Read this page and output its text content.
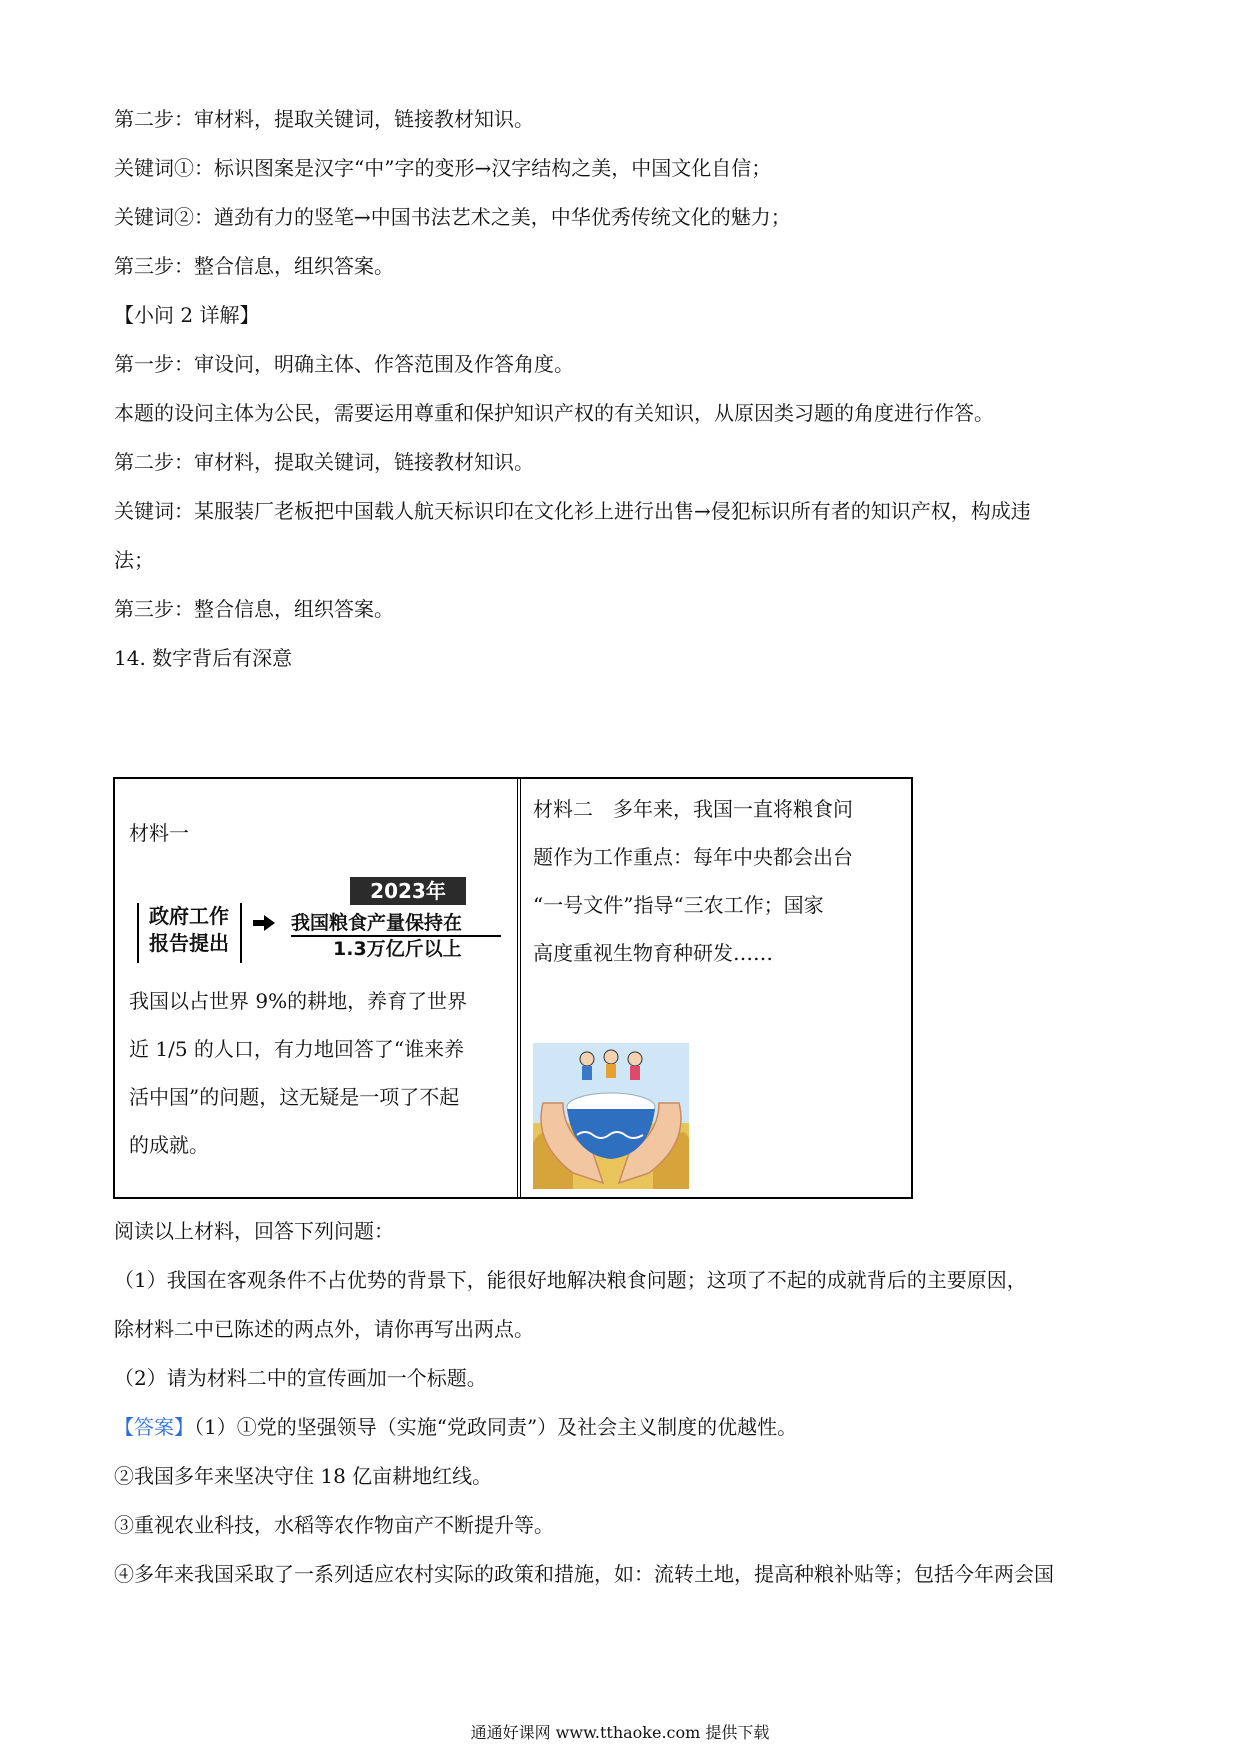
第二步：审材料，提取关键词，链接教材知识。
关键词①：标识图案是汉字“中”字的变形→汉字结构之美，中国文化自信；
关键词②：遒劲有力的竖笔→中国书法艺术之美，中华优秀传统文化的魅力；
第三步：整合信息，组织答案。
【小问 2 详解】
第一步：审设问，明确主体、作答范围及作答角度。
本题的设问主体为公民，需要运用尊重和保护知识产权的有关知识，从原因类习题的角度进行作答。
第二步：审材料，提取关键词，链接教材知识。
关键词：某服装厂老板把中国载人航天标识印在文化衫上进行出售→侵犯标识所有者的知识产权，构成违
法；
第三步：整合信息，组织答案。
14. 数字背后有深意
材料一
2023年
政府工作
报告提出
我国粮食产量保持在
1.3万亿斤以上
我国以占世界 9%的耕地，养育了世界
近 1/5 的人口，有力地回答了“谁来养
活中国”的问题，这无疑是一项了不起
的成就。
材料二　多年来，我国一直将粮食问
题作为工作重点：每年中央都会出台
“一号文件”指导“三农工作；国家
高度重视生物育种研发……
阅读以上材料，回答下列问题：
（1）我国在客观条件不占优势的背景下，能很好地解决粮食问题；这项了不起的成就背后的主要原因，
除材料二中已陈述的两点外，请你再写出两点。
（2）请为材料二中的宣传画加一个标题。
【答案】（1）①党的坚强领导（实施“党政同责”）及社会主义制度的优越性。
②我国多年来坚决守住 18 亿亩耕地红线。
③重视农业科技，水稻等农作物亩产不断提升等。
④多年来我国采取了一系列适应农村实际的政策和措施，如：流转土地，提高种粮补贴等；包括今年两会国
通通好课网 www.tthaoke.com 提供下载
